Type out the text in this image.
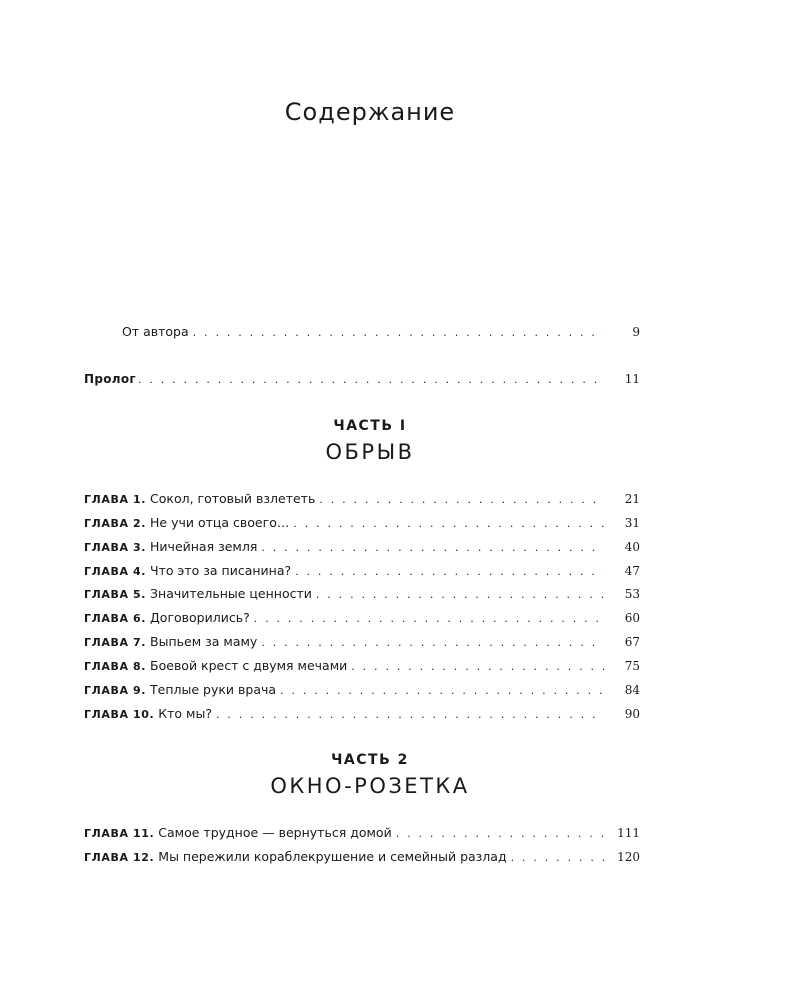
Содержание
От автора . . .	9
Пролог . . .	11
ЧАСТЬ I
ОБРЫВ
ГЛАВА 1. Сокол, готовый взлететь . . .	21
ГЛАВА 2. Не учи отца своего… . . .	31
ГЛАВА 3. Ничейная земля . . .	40
ГЛАВА 4. Что это за писанина? . . .	47
ГЛАВА 5. Значительные ценности . . .	53
ГЛАВА 6. Договорились? . . .	60
ГЛАВА 7. Выпьем за маму . . .	67
ГЛАВА 8. Боевой крест с двумя мечами . . .	75
ГЛАВА 9. Теплые руки врача . . .	84
ГЛАВА 10. Кто мы? . . .	90
ЧАСТЬ 2
ОКНО-РОЗЕТКА
ГЛАВА 11. Самое трудное — вернуться домой . . .	111
ГЛАВА 12. Мы пережили кораблекрушение и семейный разлад . . .	120
